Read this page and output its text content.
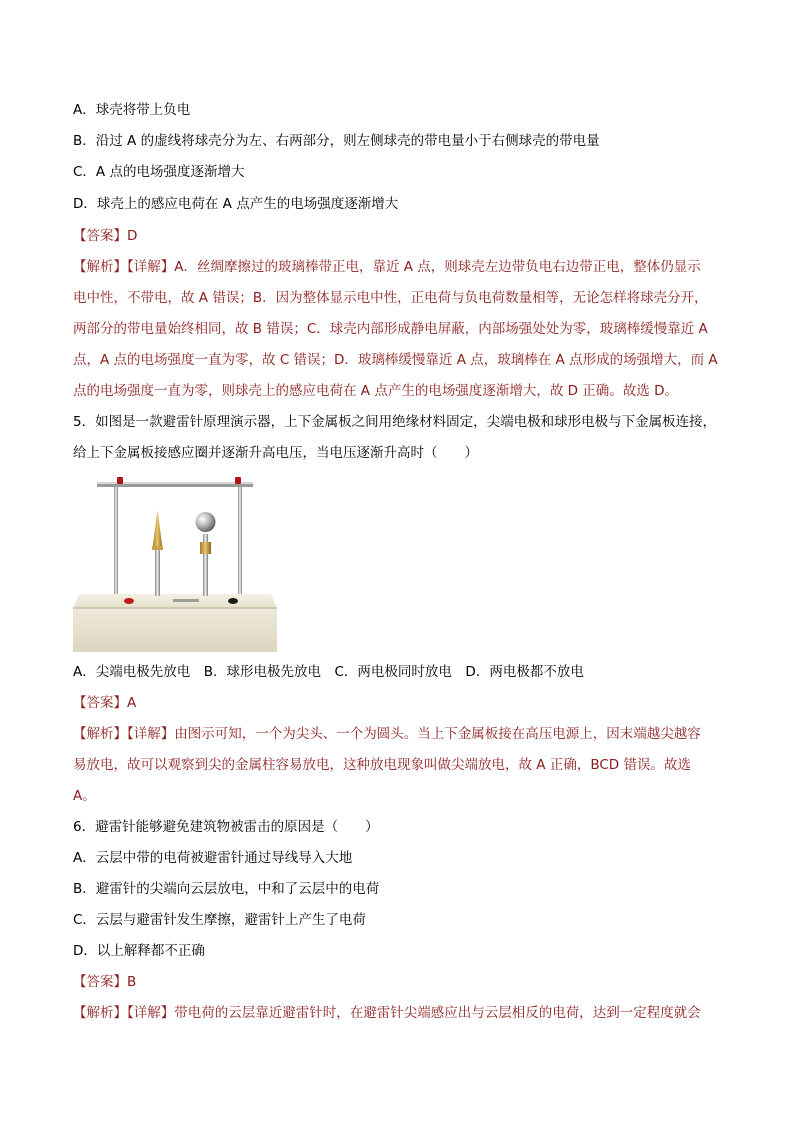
A．球壳将带上负电
B．沿过 A 的虚线将球壳分为左、右两部分，则左侧球壳的带电量小于右侧球壳的带电量
C．A 点的电场强度逐渐增大
D．球壳上的感应电荷在 A 点产生的电场强度逐渐增大
【答案】D
【解析】【详解】A．丝绸摩擦过的玻璃棒带正电，靠近 A 点，则球壳左边带负电右边带正电，整体仍显示
电中性，不带电，故 A 错误；B．因为整体显示电中性，正电荷与负电荷数量相等，无论怎样将球壳分开，
两部分的带电量始终相同，故 B 错误；C．球壳内部形成静电屏蔽，内部场强处处为零，玻璃棒缓慢靠近 A
点，A 点的电场强度一直为零，故 C 错误；D．玻璃棒缓慢靠近 A 点，玻璃棒在 A 点形成的场强增大，而 A
点的电场强度一直为零，则球壳上的感应电荷在 A 点产生的电场强度逐渐增大，故 D 正确。故选 D。
5．如图是一款避雷针原理演示器，上下金属板之间用绝缘材料固定，尖端电极和球形电极与下金属板连接，
给上下金属板接感应圈并逐渐升高电压，当电压逐渐升高时（　　）
A．尖端电极先放电　B．球形电极先放电　C．两电极同时放电　D．两电极都不放电
【答案】A
【解析】【详解】由图示可知，一个为尖头、一个为圆头。当上下金属板接在高压电源上，因末端越尖越容
易放电，故可以观察到尖的金属柱容易放电，这种放电现象叫做尖端放电，故 A 正确，BCD 错误。故选
A。
6．避雷针能够避免建筑物被雷击的原因是（　　）
A．云层中带的电荷被避雷针通过导线导入大地
B．避雷针的尖端向云层放电，中和了云层中的电荷
C．云层与避雷针发生摩擦，避雷针上产生了电荷
D．以上解释都不正确
【答案】B
【解析】【详解】带电荷的云层靠近避雷针时，在避雷针尖端感应出与云层相反的电荷，达到一定程度就会
